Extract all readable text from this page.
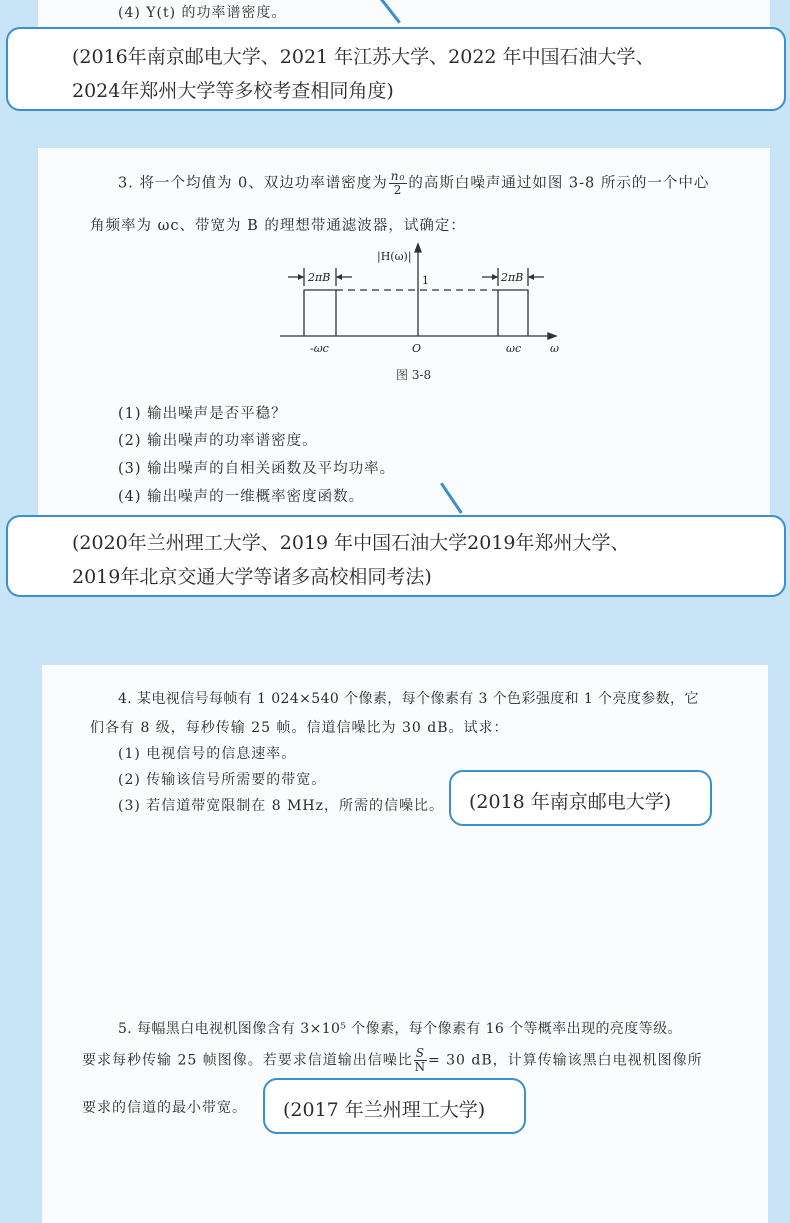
(4) Y(t) 的功率谱密度。
(2016年南京邮电大学、2021 年江苏大学、2022 年中国石油大学、
2024年郑州大学等多校考查相同角度)
3. 将一个均值为 0、双边功率谱密度为 $\frac{\text{n₀}}{2}$ 的高斯白噪声通过如图 3-8 所示的一个中心
角频率为 ωc、带宽为 B 的理想带通滤波器，试确定：
|H(ω)|
1
2πB	2πB
-ωc	O	ωc	ω
图 3-8
(1) 输出噪声是否平稳？
(2) 输出噪声的功率谱密度。
(3) 输出噪声的自相关函数及平均功率。
(4) 输出噪声的一维概率密度函数。
(2020年兰州理工大学、2019 年中国石油大学2019年郑州大学、
2019年北京交通大学等诸多高校相同考法)
4. 某电视信号每帧有 1 024×540 个像素，每个像素有 3 个色彩强度和 1 个亮度参数，它
们各有 8 级，每秒传输 25 帧。信道信噪比为 30 dB。试求：
(1) 电视信号的信息速率。
(2) 传输该信号所需要的带宽。
(3) 若信道带宽限制在 8 MHz，所需的信噪比。 (2018 年南京邮电大学)
5. 每幅黑白电视机图像含有 3×10⁵ 个像素，每个像素有 16 个等概率出现的亮度等级。
要求每秒传输 25 帧图像。若要求信道输出信噪比 $\frac{S}{N} = 30$ dB，计算传输该黑白电视机图像所
要求的信道的最小带宽。 (2017 年兰州理工大学)
